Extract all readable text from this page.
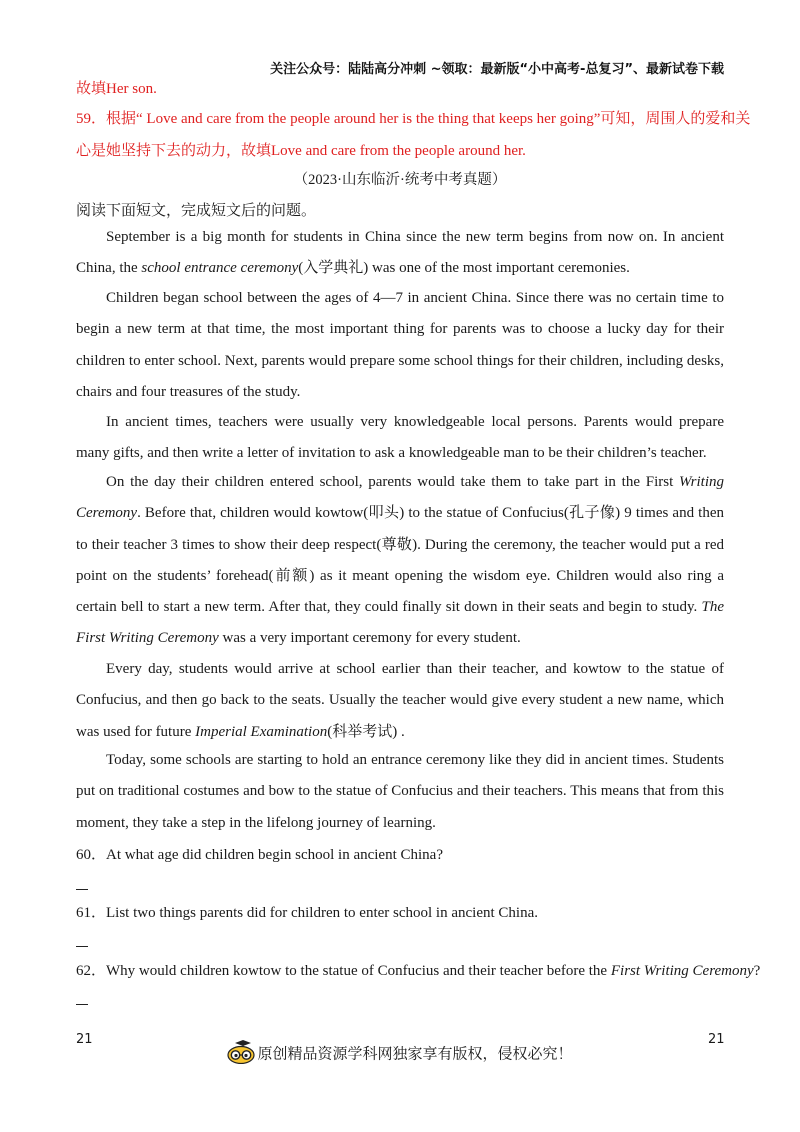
关注公众号：陆陆高分冲刺 ~领取：最新版“小中高考-总复习”、最新试卷下载
故填Her son.
59．根据“ Love and care from the people around her is the thing that keeps her going”可知，周围人的爱和关
心是她坚持下去的动力，故填Love and care from the people around her.
（2023·山东临沂·统考中考真题）
阅读下面短文，完成短文后的问题。
September is a big month for students in China since the new term begins from now on. In ancient China, the school entrance ceremony(入学典礼) was one of the most important ceremonies.
Children began school between the ages of 4—7 in ancient China. Since there was no certain time to begin a new term at that time, the most important thing for parents was to choose a lucky day for their children to enter school. Next, parents would prepare some school things for their children, including desks, chairs and four treasures of the study.
In ancient times, teachers were usually very knowledgeable local persons. Parents would prepare many gifts, and then write a letter of invitation to ask a knowledgeable man to be their children’s teacher.
On the day their children entered school, parents would take them to take part in the First Writing Ceremony. Before that, children would kowtow(叩头) to the statue of Confucius(孔子像) 9 times and then to their teacher 3 times to show their deep respect(尊敬). During the ceremony, the teacher would put a red point on the students’ forehead(前额) as it meant opening the wisdom eye. Children would also ring a certain bell to start a new term. After that, they could finally sit down in their seats and begin to study. The First Writing Ceremony was a very important ceremony for every student.
Every day, students would arrive at school earlier than their teacher, and kowtow to the statue of Confucius, and then go back to the seats. Usually the teacher would give every student a new name, which was used for future Imperial Examination(科举考试) .
Today, some schools are starting to hold an entrance ceremony like they did in ancient times. Students put on traditional costumes and bow to the statue of Confucius and their teachers. This means that from this moment, they take a step in the lifelong journey of learning.
60．At what age did children begin school in ancient China?
61．List two things parents did for children to enter school in ancient China.
62．Why would children kowtow to the statue of Confucius and their teacher before the First Writing Ceremony?
21	21
原创精品资源学科网独家享有版权，侵权必究！
